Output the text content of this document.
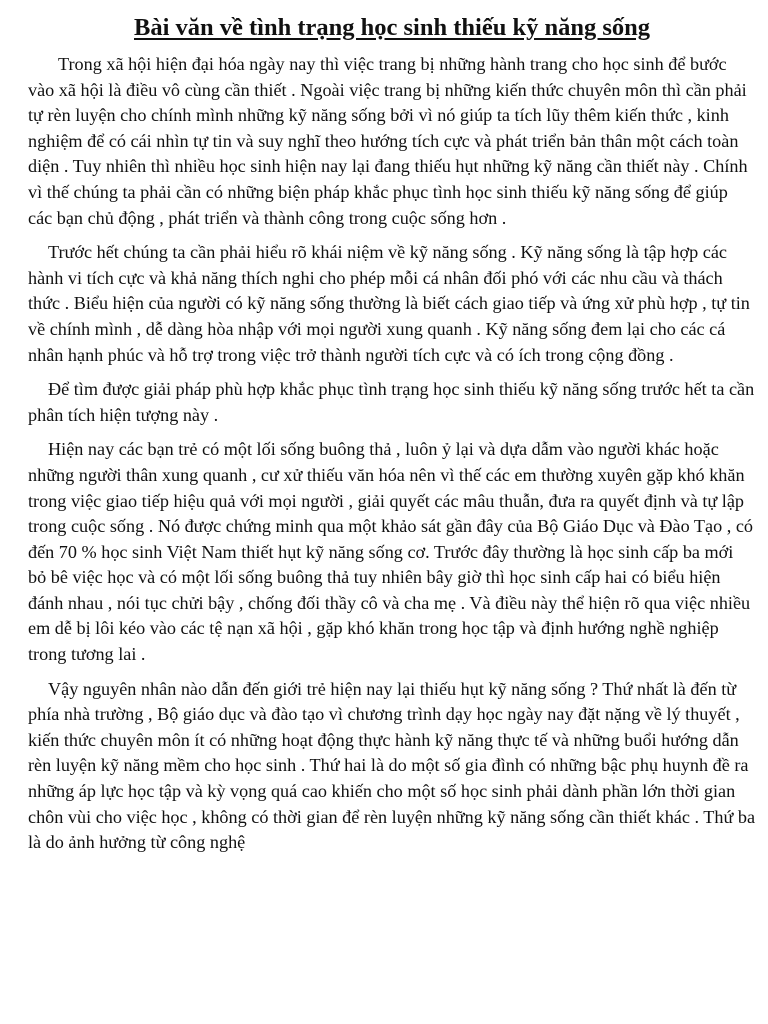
Bài văn về tình trạng học sinh thiếu kỹ năng sống

Trong xã hội hiện đại hóa ngày nay thì việc trang bị những hành trang cho học sinh để bước vào xã hội là điều vô cùng cần thiết . Ngoài việc trang bị những kiến thức chuyên môn thì cần phải tự rèn luyện cho chính mình những kỹ năng sống bởi vì nó giúp ta tích lũy thêm kiến thức , kinh nghiệm để có cái nhìn tự tin và suy nghĩ theo hướng tích cực và phát triển bản thân một cách toàn diện . Tuy nhiên thì nhiều học sinh hiện nay lại đang thiếu hụt những kỹ năng cần thiết này . Chính vì thế chúng ta phải cần có những biện pháp khắc phục tình học sinh thiếu kỹ năng sống để giúp các bạn chủ động , phát triển và thành công trong cuộc sống hơn .

Trước hết chúng ta cần phải hiểu rõ khái niệm về kỹ năng sống . Kỹ năng sống là tập hợp các hành vi tích cực và khả năng thích nghi cho phép mỗi cá nhân đối phó với các nhu cầu và thách thức . Biểu hiện của người có kỹ năng sống thường là biết cách giao tiếp và ứng xử phù hợp , tự tin về chính mình , dễ dàng hòa nhập với mọi người xung quanh . Kỹ năng sống đem lại cho các cá nhân hạnh phúc và hỗ trợ trong việc trở thành người tích cực và có ích trong cộng đồng .

Để tìm được giải pháp phù hợp khắc phục tình trạng học sinh thiếu kỹ năng sống trước hết ta cần phân tích hiện tượng này .

Hiện nay các bạn trẻ có một lối sống buông thả , luôn ỷ lại và dựa dẫm vào người khác hoặc những người thân xung quanh , cư xử thiếu văn hóa nên vì thế các em thường xuyên gặp khó khăn trong việc giao tiếp hiệu quả với mọi người , giải quyết các mâu thuẫn, đưa ra quyết định và tự lập trong cuộc sống . Nó được chứng minh qua một khảo sát gần đây của Bộ Giáo Dục và Đào Tạo , có đến 70 % học sinh Việt Nam thiết hụt kỹ năng sống cơ. Trước đây thường là học sinh cấp ba mới bỏ bê việc học và có một lối sống buông thả tuy nhiên bây giờ thì học sinh cấp hai có biểu hiện đánh nhau , nói tục chửi bậy , chống đối thầy cô và cha mẹ . Và điều này thể hiện rõ qua việc nhiều em dễ bị lôi kéo vào các tệ nạn xã hội , gặp khó khăn trong học tập và định hướng nghề nghiệp trong tương lai .

Vậy nguyên nhân nào dẫn đến giới trẻ hiện nay lại thiếu hụt kỹ năng sống ? Thứ nhất là đến từ phía nhà trường , Bộ giáo dục và đào tạo vì chương trình dạy học ngày nay đặt nặng về lý thuyết , kiến thức chuyên môn ít có những hoạt động thực hành kỹ năng thực tế và những buổi hướng dẫn rèn luyện kỹ năng mềm cho học sinh . Thứ hai là do một số gia đình có những bậc phụ huynh đề ra những áp lực học tập và kỳ vọng quá cao khiến cho một số học sinh phải dành phần lớn thời gian chôn vùi cho việc học , không có thời gian để rèn luyện những kỹ năng sống cần thiết khác . Thứ ba là do ảnh hưởng từ công nghệ
